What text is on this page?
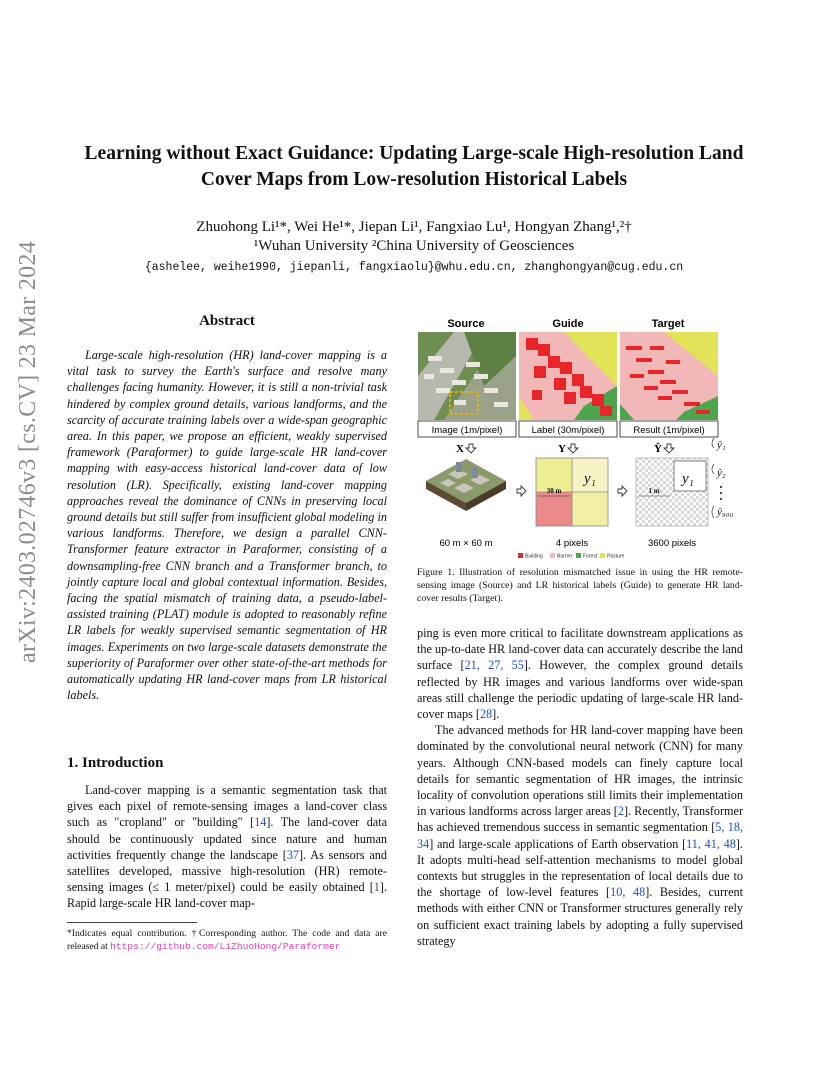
arXiv:2403.02746v3 [cs.CV] 23 Mar 2024
Learning without Exact Guidance: Updating Large-scale High-resolution Land Cover Maps from Low-resolution Historical Labels
Zhuohong Li¹*, Wei He¹*, Jiepan Li¹, Fangxiao Lu¹, Hongyan Zhang¹,²†
¹Wuhan University ²China University of Geosciences
{ashelee, weihe1990, jiepanli, fangxiaolu}@whu.edu.cn, zhanghongyan@cug.edu.cn
Abstract
Large-scale high-resolution (HR) land-cover mapping is a vital task to survey the Earth's surface and resolve many challenges facing humanity. However, it is still a non-trivial task hindered by complex ground details, various landforms, and the scarcity of accurate training labels over a wide-span geographic area. In this paper, we propose an efficient, weakly supervised framework (Paraformer) to guide large-scale HR land-cover mapping with easy-access historical land-cover data of low resolution (LR). Specifically, existing land-cover mapping approaches reveal the dominance of CNNs in preserving local ground details but still suffer from insufficient global modeling in various landforms. Therefore, we design a parallel CNN-Transformer feature extractor in Paraformer, consisting of a downsampling-free CNN branch and a Transformer branch, to jointly capture local and global contextual information. Besides, facing the spatial mismatch of training data, a pseudo-label-assisted training (PLAT) module is adopted to reasonably refine LR labels for weakly supervised semantic segmentation of HR images. Experiments on two large-scale datasets demonstrate the superiority of Paraformer over other state-of-the-art methods for automatically updating HR land-cover maps from LR historical labels.
1. Introduction
Land-cover mapping is a semantic segmentation task that gives each pixel of remote-sensing images a land-cover class such as "cropland" or "building" [14]. The land-cover data should be continuously updated since nature and human activities frequently change the landscape [37]. As sensors and satellites developed, massive high-resolution (HR) remote-sensing images (≤ 1 meter/pixel) could be easily obtained [1]. Rapid large-scale HR land-cover map-
*Indicates equal contribution. †Corresponding author. The code and data are released at https://github.com/LiZhuoHong/Paraformer
Source	Guide	Target
Image (1m/pixel)	Label (30m/pixel)	Result (1m/pixel)
X	Y	Ŷ
30 m
y₁
1 m
y₁
ŷ₁
ŷ₂
ŷ₉₀₀
60 m × 60 m	4 pixels	3600 pixels
Building	Barren Forest Pasture
Figure 1. Illustration of resolution mismatched issue in using the HR remote-sensing image (Source) and LR historical labels (Guide) to generate HR land-cover results (Target).

ping is even more critical to facilitate downstream applications as the up-to-date HR land-cover data can accurately describe the land surface [21, 27, 55]. However, the complex ground details reflected by HR images and various landforms over wide-span areas still challenge the periodic updating of large-scale HR land-cover maps [28].

The advanced methods for HR land-cover mapping have been dominated by the convolutional neural network (CNN) for many years. Although CNN-based models can finely capture local details for semantic segmentation of HR images, the intrinsic locality of convolution operations still limits their implementation in various landforms across larger areas [2]. Recently, Transformer has achieved tremendous success in semantic segmentation [5, 18, 34] and large-scale applications of Earth observation [11, 41, 48]. It adopts multi-head self-attention mechanisms to model global contexts but struggles in the representation of local details due to the shortage of low-level features [10, 48]. Besides, current methods with either CNN or Transformer structures generally rely on sufficient exact training labels by adopting a fully supervised strategy
